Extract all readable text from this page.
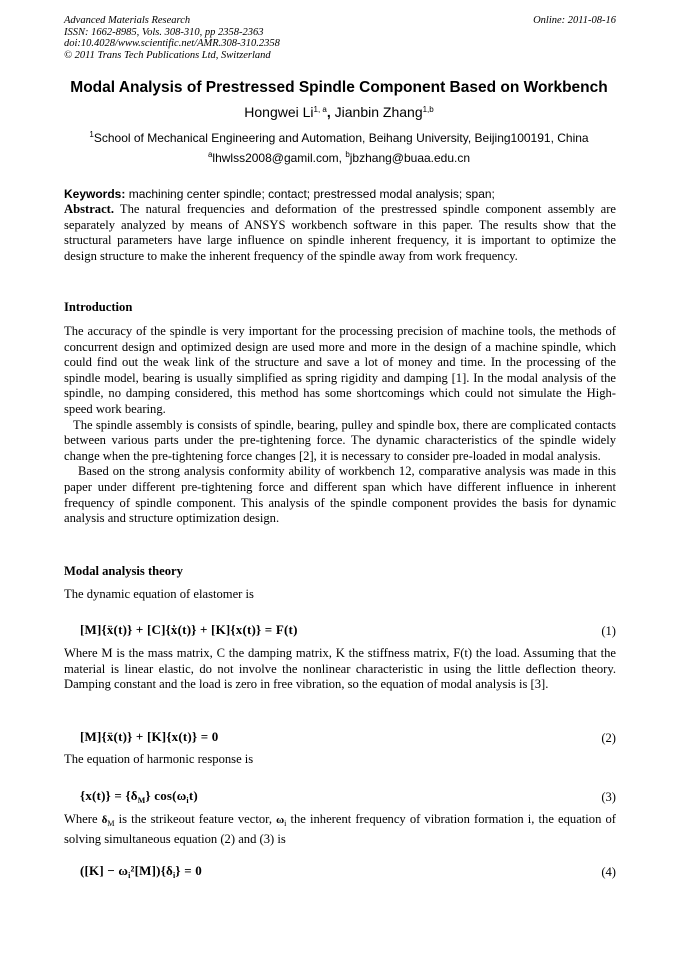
Advanced Materials Research
ISSN: 1662-8985, Vols. 308-310, pp 2358-2363
doi:10.4028/www.scientific.net/AMR.308-310.2358
© 2011 Trans Tech Publications Ltd, Switzerland
Online: 2011-08-16
Modal Analysis of Prestressed Spindle Component Based on Workbench
Hongwei Li$^{1, a}$, Jianbin Zhang$^{1,b}$
$^1$School of Mechanical Engineering and Automation, Beihang University, Beijing100191, China
$^a$lhwlss2008@gamil.com, $^b$jbzhang@buaa.edu.cn
Keywords: machining center spindle; contact; prestressed modal analysis; span;

Abstract. The natural frequencies and deformation of the prestressed spindle component assembly are separately analyzed by means of ANSYS workbench software in this paper. The results show that the structural parameters have large influence on spindle inherent frequency, it is important to optimize the design structure to make the inherent frequency of the spindle away from work frequency.

Introduction

The accuracy of the spindle is very important for the processing precision of machine tools, the methods of concurrent design and optimized design are used more and more in the design of a machine spindle, which could find out the weak link of the structure and save a lot of money and time. In the processing of the spindle model, bearing is usually simplified as spring rigidity and damping [1]. In the modal analysis of the spindle, no damping considered, this method has some shortcomings which could not simulate the High-speed work bearing.

The spindle assembly is consists of spindle, bearing, pulley and spindle box, there are complicated contacts between various parts under the pre-tightening force. The dynamic characteristics of the spindle widely change when the pre-tightening force changes [2], it is necessary to consider pre-loaded in modal analysis.

Based on the strong analysis conformity ability of workbench 12, comparative analysis was made in this paper under different pre-tightening force and different span which have different influence in inherent frequency of spindle component. This analysis of the spindle component provides the basis for dynamic analysis and structure optimization design.

Modal analysis theory
The dynamic equation of elastomer is
[M]{ẍ(t)} + [C]{ẋ(t)} + [K]{x(t)} = F(t)	(1)
Where M is the mass matrix, C the damping matrix, K the stiffness matrix, F(t) the load. Assuming that the material is linear elastic, do not involve the nonlinear characteristic in using the little deflection theory. Damping constant and the load is zero in free vibration, so the equation of modal analysis is [3].
[M]{ẍ(t)} + [K]{x(t)} = 0	(2)
The equation of harmonic response is
$\{x(t)\} = \{\delta_M\}$ $\cos(\omega_it)$	(3)
Where $\delta_M$ is the strikeout feature vector, $\omega_i$ the inherent frequency of vibration formation i, the equation of solving simultaneous equation (2) and (3) is
$([K] - \omega_i^2[M])\{\delta_i\} = 0$	(4)
